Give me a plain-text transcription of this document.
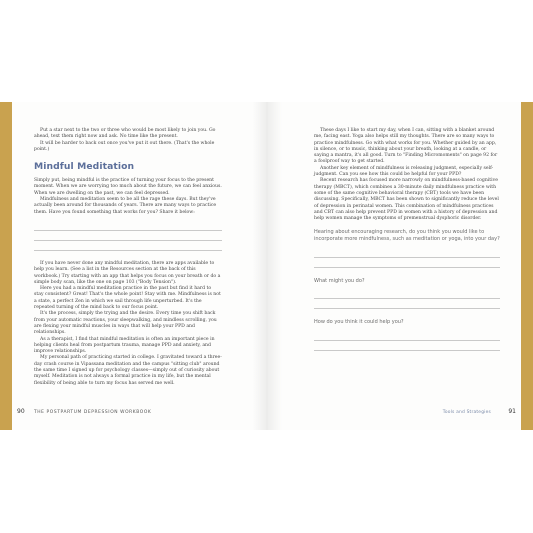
Put a star next to the two or three who would be most likely to join you. Go ahead, text them right now and ask. No time like the present.

It will be harder to back out once you've put it out there. (That's the whole point.)

Mindful Meditation

Simply put, being mindful is the practice of turning your focus to the present moment. When we are worrying too much about the future, we can feel anxious. When we are dwelling on the past, we can feel depressed.

Mindfulness and meditation seem to be all the rage these days. But they've actually been around for thousands of years. There are many ways to practice them. Have you found something that works for you? Share it below:

If you have never done any mindful meditation, there are apps available to help you learn. (See a list in the Resources section at the back of this workbook.) Try starting with an app that helps you focus on your breath or do a simple body scan, like the one on page 103 ("Body Tension").

Here you had a mindful meditation practice in the past but find it hard to stay consistent? Great! That's the whole point! Stay with me. Mindfulness is not a state, a perfect Zen in which we sail through life unperturbed. It's the repeated turning of the mind back to our focus point.

It's the process, simply the trying and the desire. Every time you shift back from your automatic reactions, your sleepwalking, and mindless scrolling, you are flexing your mindful muscles in ways that will help your PPD and relationships.

As a therapist, I find that mindful meditation is often an important piece in helping clients heal from postpartum trauma, manage PPD and anxiety, and improve relationships.

My personal path of practicing started in college. I gravitated toward a three-day crash course in Vipassana meditation and the campus "sitting club" around the same time I signed up for psychology classes—simply out of curiosity about myself. Meditation is not always a formal practice in my life, but the mental flexibility of being able to turn my focus has served me well.

90 THE POSTPARTUM DEPRESSION WORKBOOK

These days I like to start my day, when I can, sitting with a blanket around me, facing east. Yoga also helps still my thoughts. There are so many ways to practice mindfulness. Go with what works for you. Whether guided by an app, in silence, or to music, thinking about your breath, looking at a candle, or saying a mantra, it's all good. Turn to "Finding Micromoments" on page 92 for a foolproof way to get started.

Another key element of mindfulness is releasing judgment, especially self-judgment. Can you see how this could be helpful for your PPD?

Recent research has focused more narrowly on mindfulness-based cognitive therapy (MBCT), which combines a 30-minute daily mindfulness practice with some of the same cognitive behavioral therapy (CBT) tools we have been discussing. Specifically, MBCT has been shown to significantly reduce the level of depression in perinatal women. This combination of mindfulness practices and CBT can also help prevent PPD in women with a history of depression and help women manage the symptoms of premenstrual dysphoric disorder.

Hearing about encouraging research, do you think you would like to incorporate more mindfulness, such as meditation or yoga, into your day?
What might you do?
How do you think it could help you?
Tools and Strategies	91
